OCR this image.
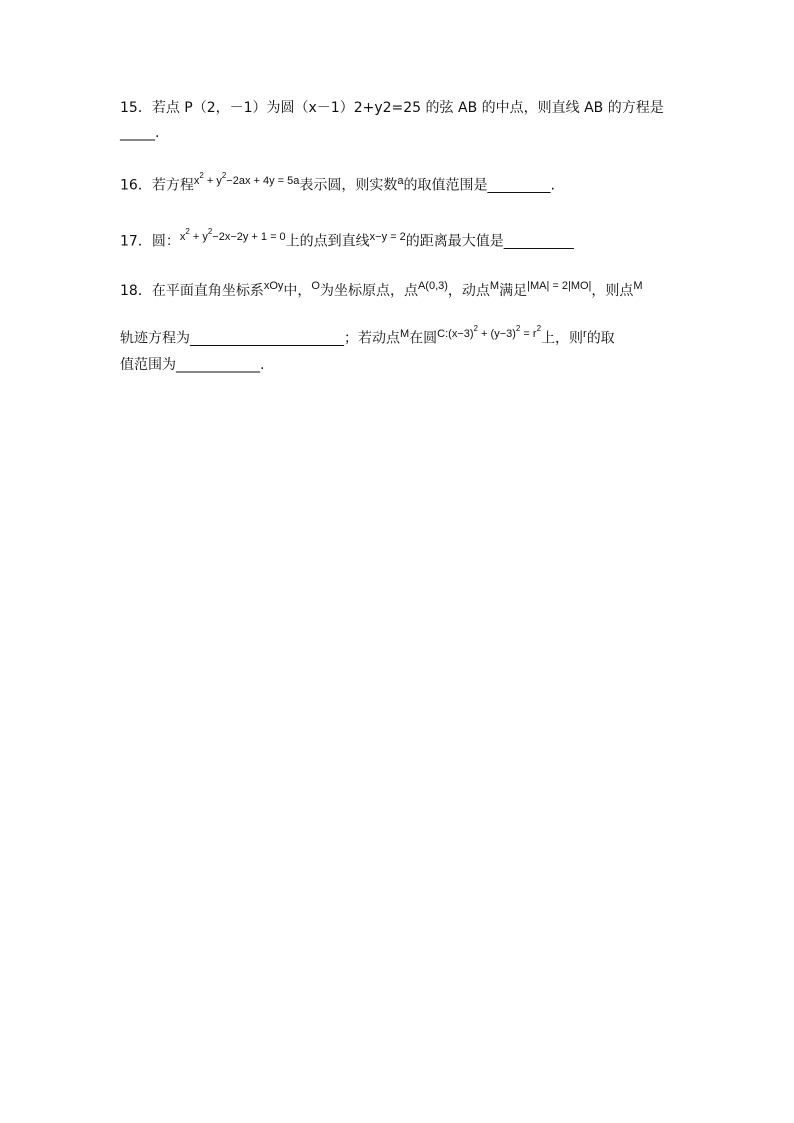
15．若点 P（2，－1）为圆（x－1）2+y2=25 的弦 AB 的中点，则直线 AB 的方程是
_____.
16．若方程$^{x^2 + y^2-2ax + 4y = 5a}$表示圆，则实数$^a$的取值范围是_________.
17．圆：$^{x^2 + y^2-2x-2y + 1 = 0}$上的点到直线$^{x-y = 2}$的距离最大值是__________
18．在平面直角坐标系$^{xOy}$中，$^O$为坐标原点，点$^{A(0,3)}$，动点$^M$满足$^{|MA| = 2|MO|}$，则点$^M$
轨迹方程为______________________；若动点$^M$在圆$^{C:(x-3)^2 + (y-3)^2 = r^2}$上，则$^r$的取
值范围为____________.
